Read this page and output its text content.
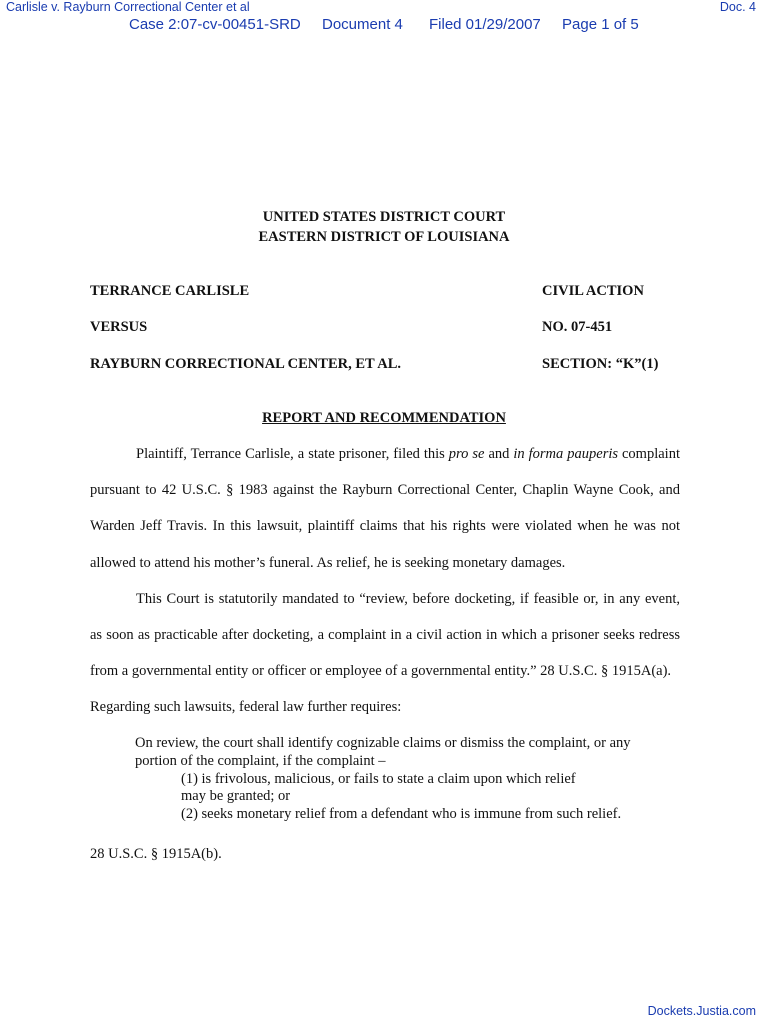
Carlisle v. Rayburn Correctional Center et al	Doc. 4
Dockets.Justia.com
Case 2:07-cv-00451-SRD Document 4 Filed 01/29/2007 Page 1 of 5
UNITED STATES DISTRICT COURT
EASTERN DISTRICT OF LOUISIANA
TERRANCE CARLISLE	CIVIL ACTION
VERSUS	NO. 07-451
RAYBURN CORRECTIONAL CENTER, ET AL.	SECTION: “K”(1)
REPORT AND RECOMMENDATION

Plaintiff, Terrance Carlisle, a state prisoner, filed this pro se and in forma pauperis complaint pursuant to 42 U.S.C. § 1983 against the Rayburn Correctional Center, Chaplin Wayne Cook, and Warden Jeff Travis. In this lawsuit, plaintiff claims that his rights were violated when he was not allowed to attend his mother’s funeral. As relief, he is seeking monetary damages.

This Court is statutorily mandated to “review, before docketing, if feasible or, in any event, as soon as practicable after docketing, a complaint in a civil action in which a prisoner seeks redress from a governmental entity or officer or employee of a governmental entity.” 28 U.S.C. § 1915A(a).

Regarding such lawsuits, federal law further requires:

On review, the court shall identify cognizable claims or dismiss the complaint, or any
portion of the complaint, if the complaint –
(1) is frivolous, malicious, or fails to state a claim upon which relief
may be granted; or
(2) seeks monetary relief from a defendant who is immune from such relief.
28 U.S.C. § 1915A(b).
